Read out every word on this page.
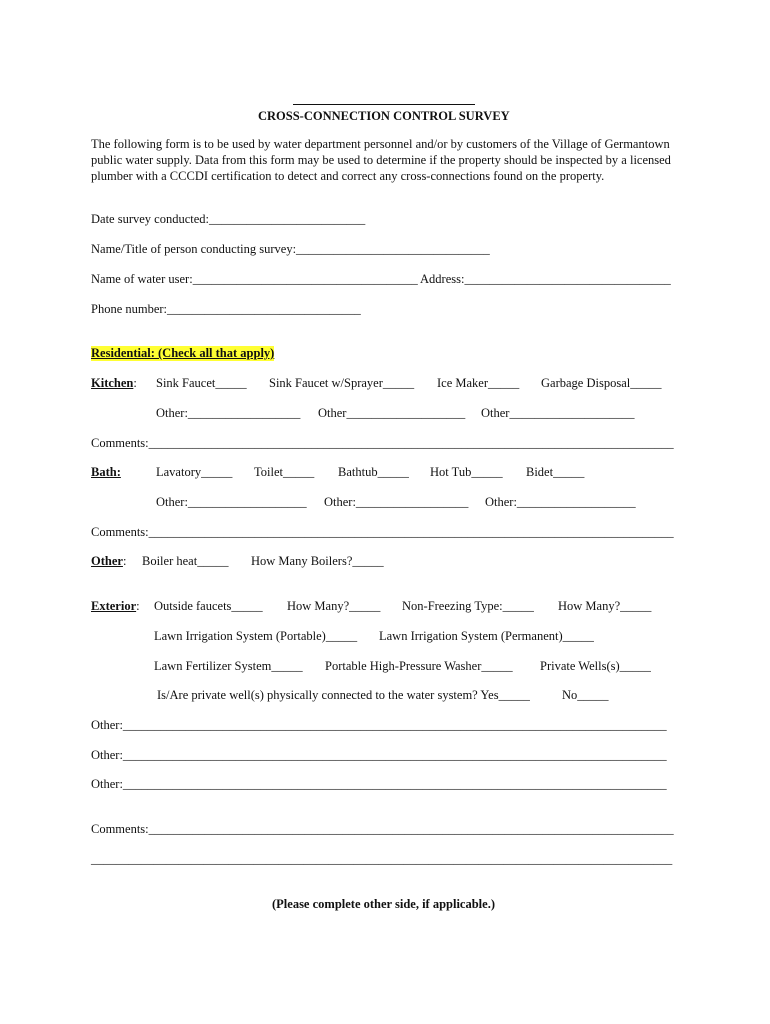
CROSS-CONNECTION CONTROL SURVEY
The following form is to be used by water department personnel and/or by customers of the Village of Germantown public water supply. Data from this form may be used to determine if the property should be inspected by a licensed plumber with a CCCDI certification to detect and correct any cross-connections found on the property.
Date survey conducted:_________________________
Name/Title of person conducting survey:_______________________________
Name of water user:____________________________________ Address:_________________________________
Phone number:_______________________________
Residential: (Check all that apply)
Kitchen: Sink Faucet_____ Sink Faucet w/Sprayer_____ Ice Maker_____ Garbage Disposal_____
Other:__________________ Other___________________ Other____________________
Comments:____________________________________________________________________________________
Bath:	Lavatory_____ Toilet_____ Bathtub_____ Hot Tub_____ Bidet_____
Other:___________________ Other:__________________ Other:___________________
Comments:____________________________________________________________________________________
Other: Boiler heat_____ How Many Boilers?_____
Exterior: Outside faucets_____ How Many?_____ Non-Freezing Type:_____ How Many?_____
Lawn Irrigation System (Portable)_____ Lawn Irrigation System (Permanent)_____
Lawn Fertilizer System_____ Portable High-Pressure Washer_____ Private Wells(s)_____
Is/Are private well(s) physically connected to the water system? Yes_____	No_____
Other:_______________________________________________________________________________________
Other:_______________________________________________________________________________________
Other:_______________________________________________________________________________________
Comments:____________________________________________________________________________________
_____________________________________________________________________________________________
(Please complete other side, if applicable.)
